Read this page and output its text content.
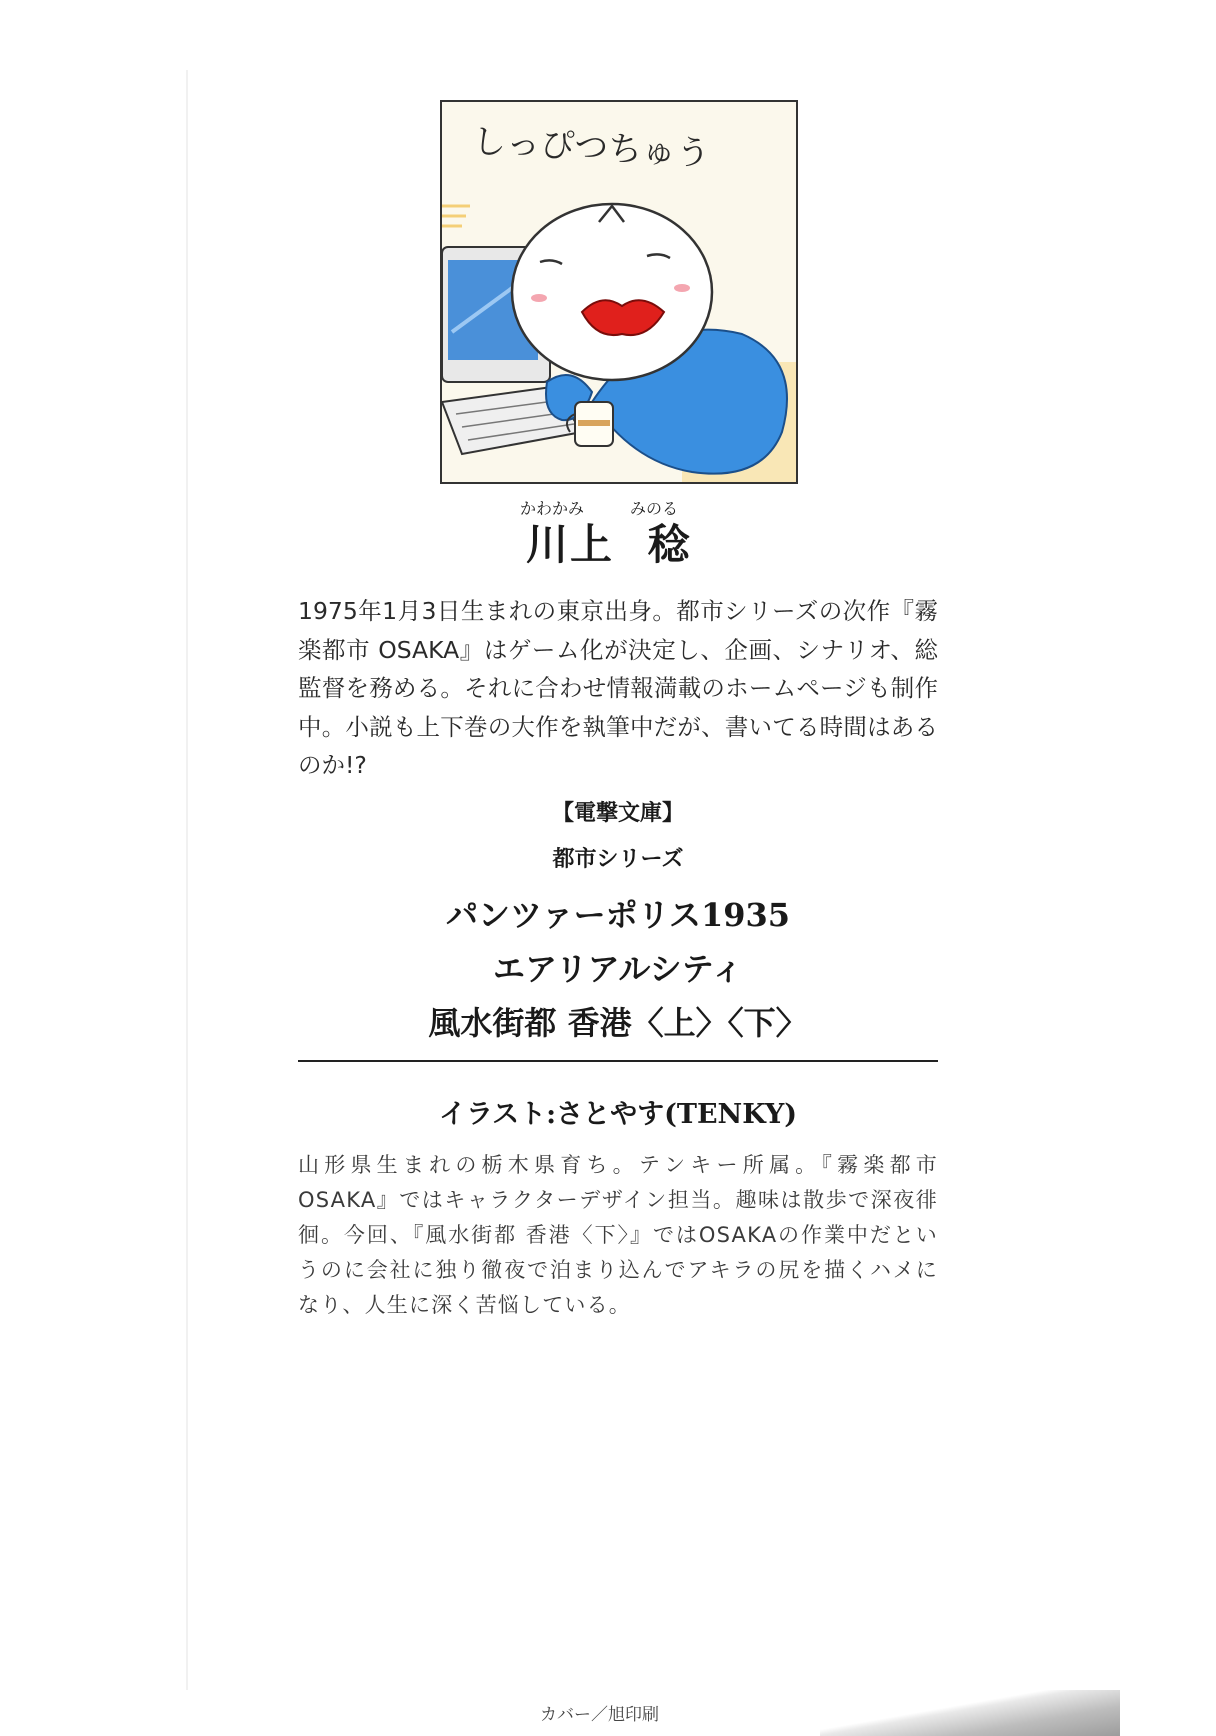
しっぴつちゅう
かわかみ	みのる
川上 稔

1975年1月3日生まれの東京出身。都市シリーズの次作『霧楽都市 OSAKA』はゲーム化が決定し、企画、シナリオ、総監督を務める。それに合わせ情報満載のホームページも制作中。小説も上下巻の大作を執筆中だが、書いてる時間はあるのか!?

【電撃文庫】
都市シリーズ
パンツァーポリス1935
エアリアルシティ
風水街都 香港〈上〉〈下〉
イラスト:さとやす(TENKY)

山形県生まれの栃木県育ち。テンキー所属。『霧楽都市 OSAKA』ではキャラクターデザイン担当。趣味は散歩で深夜徘徊。今回、『風水街都 香港〈下〉』ではOSAKAの作業中だというのに会社に独り徹夜で泊まり込んでアキラの尻を描くハメになり、人生に深く苦悩している。

カバー／旭印刷
